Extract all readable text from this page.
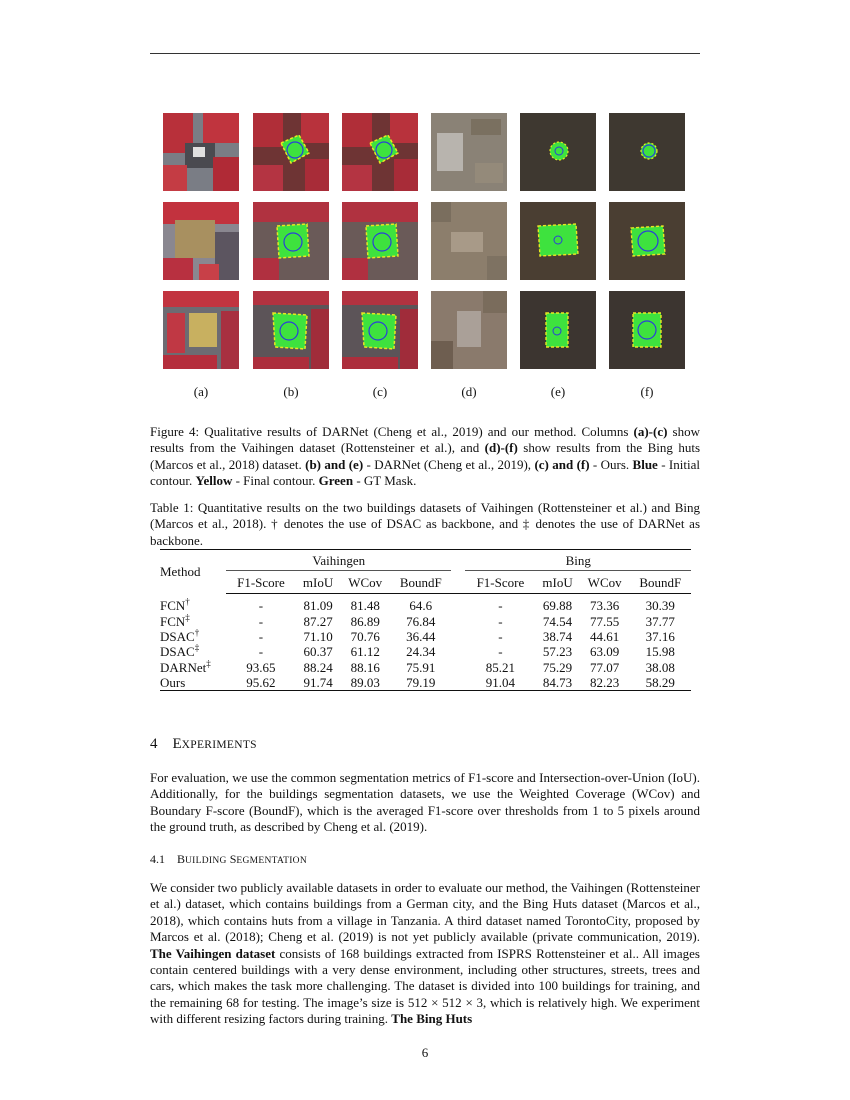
(a)	(b)	(c)	(d)	(e)	(f)
Figure 4: Qualitative results of DARNet (Cheng et al., 2019) and our method. Columns (a)-(c) show results from the Vaihingen dataset (Rottensteiner et al.), and (d)-(f) show results from the Bing huts (Marcos et al., 2018) dataset. (b) and (e) - DARNet (Cheng et al., 2019), (c) and (f) - Ours. Blue - Initial contour. Yellow - Final contour. Green - GT Mask.
Table 1: Quantitative results on the two buildings datasets of Vaihingen (Rottensteiner et al.) and Bing (Marcos et al., 2018). † denotes the use of DSAC as backbone, and ‡ denotes the use of DARNet as backbone.
Method	Vaihingen					Bing			
	F1-Score	mIoU	WCov	BoundF		F1-Score	mIoU	WCov	BoundF
FCN†	-	81.09	81.48	64.6		-	69.88	73.36	30.39
FCN‡	-	87.27	86.89	76.84		-	74.54	77.55	37.77
DSAC†	-	71.10	70.76	36.44		-	38.74	44.61	37.16
DSAC‡	-	60.37	61.12	24.34		-	57.23	63.09	15.98
DARNet‡	93.65	88.24	88.16	75.91		85.21	75.29	77.07	38.08
Ours	95.62	91.74	89.03	79.19		91.04	84.73	82.23	58.29
4 EXPERIMENTS
For evaluation, we use the common segmentation metrics of F1-score and Intersection-over-Union (IoU). Additionally, for the buildings segmentation datasets, we use the Weighted Coverage (WCov) and Boundary F-score (BoundF), which is the averaged F1-score over thresholds from 1 to 5 pixels around the ground truth, as described by Cheng et al. (2019).
4.1 BUILDING SEGMENTATION
We consider two publicly available datasets in order to evaluate our method, the Vaihingen (Rottensteiner et al.) dataset, which contains buildings from a German city, and the Bing Huts dataset (Marcos et al., 2018), which contains huts from a village in Tanzania. A third dataset named TorontoCity, proposed by Marcos et al. (2018); Cheng et al. (2019) is not yet publicly available (private communication, 2019). The Vaihingen dataset consists of 168 buildings extracted from ISPRS Rottensteiner et al.. All images contain centered buildings with a very dense environment, including other structures, streets, trees and cars, which makes the task more challenging. The dataset is divided into 100 buildings for training, and the remaining 68 for testing. The image’s size is 512 × 512 × 3, which is relatively high. We experiment with different resizing factors during training. The Bing Huts
6
